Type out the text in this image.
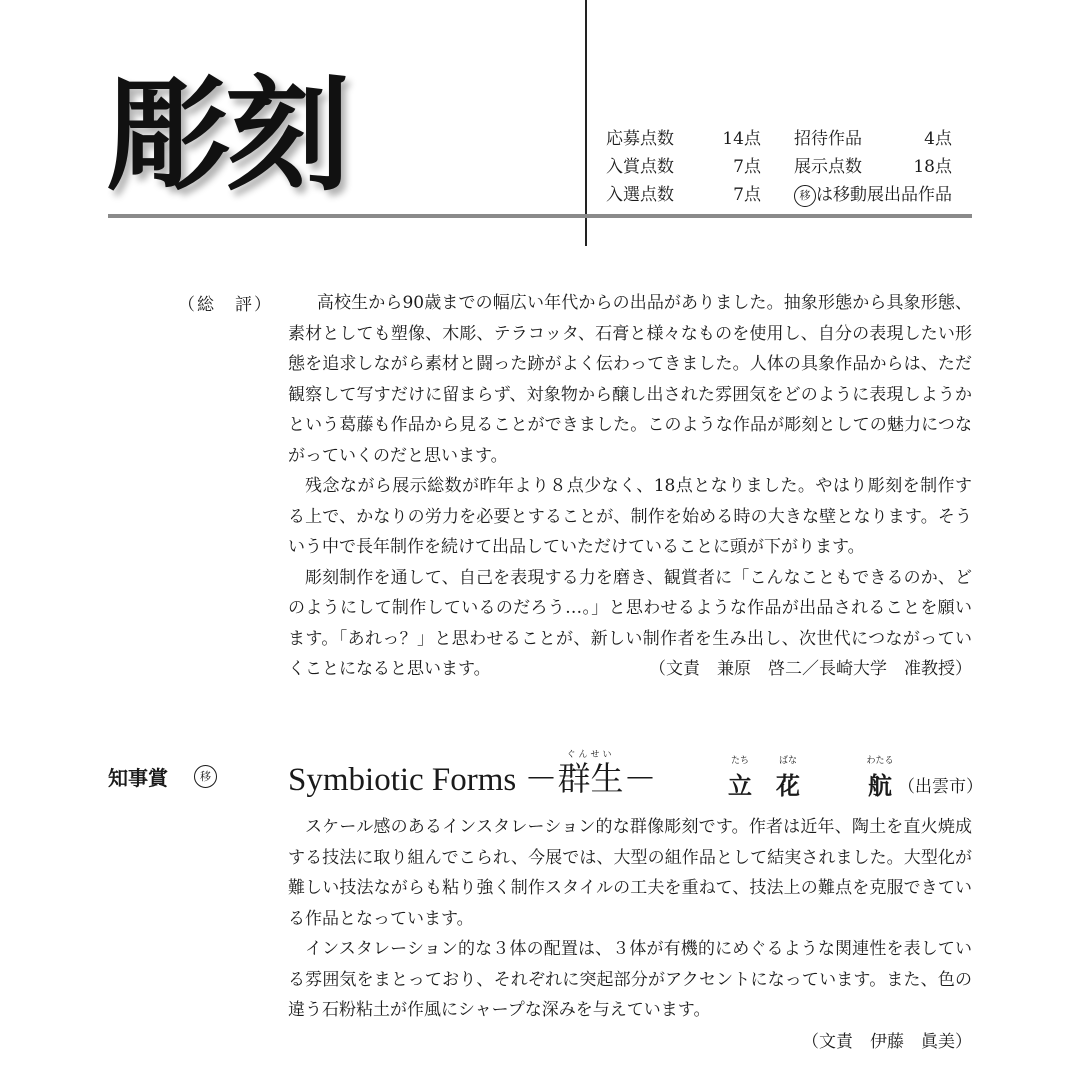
彫刻	応募点数	14点 招待作品	4点
入賞点数	7点 展示点数	18点
入選点数	7点	移 は移動展出品作品
（総　評）	高校生から90歳までの幅広い年代からの出品がありました。抽象形態から具象形態、素材としても塑像、木彫、テラコッタ、石膏と様々なものを使用し、自分の表現したい形態を追求しながら素材と闘った跡がよく伝わってきました。人体の具象作品からは、ただ観察して写すだけに留まらず、対象物から醸し出された雰囲気をどのように表現しようかという葛藤も作品から見ることができました。このような作品が彫刻としての魅力につながっていくのだと思います。

残念ながら展示総数が昨年より８点少なく、18点となりました。やはり彫刻を制作する上で、かなりの労力を必要とすることが、制作を始める時の大きな壁となります。そういう中で長年制作を続けて出品していただけていることに頭が下がります。

彫刻制作を通して、自己を表現する力を磨き、観賞者に「こんなこともできるのか、どのようにして制作しているのだろう…。」と思わせるような作品が出品されることを願います。「あれっ？」と思わせることが、新しい制作者を生み出し、次世代につながっていくことになると思います。	（文責　兼原　啓二／長崎大学　准教授）

知事賞	移 Symbiotic Forms －
ぐんせい
群生－
たち
立
ばな
花
わたる
航 （出雲市）

スケール感のあるインスタレーション的な群像彫刻です。作者は近年、陶土を直火焼成する技法に取り組んでこられ、今展では、大型の組作品として結実されました。大型化が難しい技法ながらも粘り強く制作スタイルの工夫を重ねて、技法上の難点を克服できている作品となっています。

インスタレーション的な３体の配置は、３体が有機的にめぐるような関連性を表している雰囲気をまとっており、それぞれに突起部分がアクセントになっています。また、色の違う石粉粘土が作風にシャープな深みを与えています。

（文責　伊藤　眞美）
